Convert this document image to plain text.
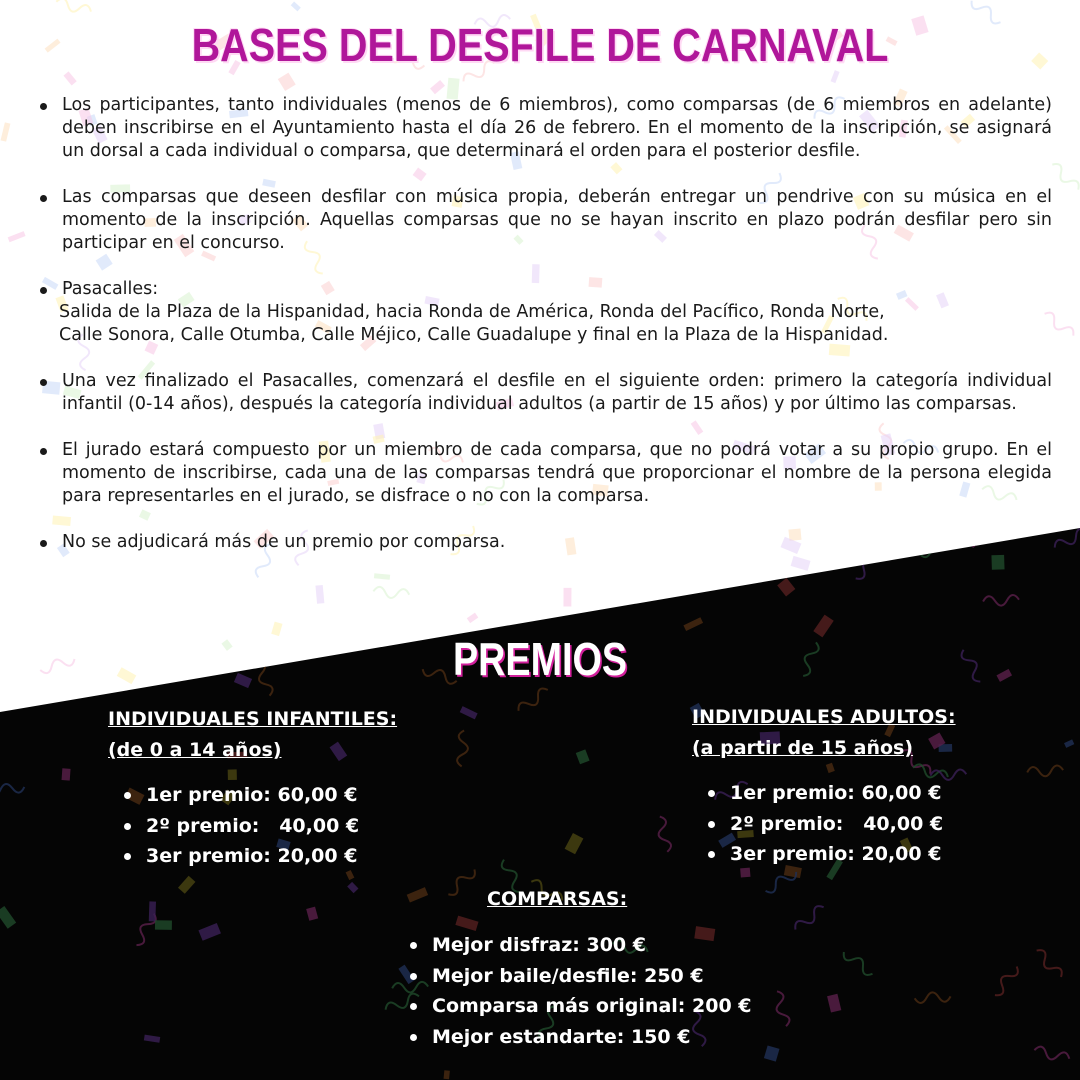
BASES DEL DESFILE DE CARNAVAL
Los participantes, tanto individuales (menos de 6 miembros), como comparsas (de 6 miembros en adelante) deben inscribirse en el Ayuntamiento hasta el día 26 de febrero. En el momento de la inscripción, se asignará un dorsal a cada individual o comparsa, que determinará el orden para el posterior desfile.
Las comparsas que deseen desfilar con música propia, deberán entregar un pendrive con su música en el momento de la inscripción. Aquellas comparsas que no se hayan inscrito en plazo podrán desfilar pero sin participar en el concurso.
Pasacalles:
Salida de la Plaza de la Hispanidad, hacia Ronda de América, Ronda del Pacífico, Ronda Norte,
Calle Sonora, Calle Otumba, Calle Méjico, Calle Guadalupe y final en la Plaza de la Hispanidad.
Una vez finalizado el Pasacalles, comenzará el desfile en el siguiente orden: primero la categoría individual infantil (0-14 años), después la categoría individual adultos (a partir de 15 años) y por último las comparsas.
El jurado estará compuesto por un miembro de cada comparsa, que no podrá votar a su propio grupo. En el momento de inscribirse, cada una de las comparsas tendrá que proporcionar el nombre de la persona elegida para representarles en el jurado, se disfrace o no con la comparsa.
No se adjudicará más de un premio por comparsa.
PREMIOS
INDIVIDUALES INFANTILES:
(de 0 a 14 años)
1er premio: 60,00 €
2º premio:   40,00 €
3er premio: 20,00 €
INDIVIDUALES ADULTOS:
(a partir de 15 años)
1er premio: 60,00 €
2º premio:   40,00 €
3er premio: 20,00 €
COMPARSAS:
Mejor disfraz: 300 €
Mejor baile/desfile: 250 €
Comparsa más original: 200 €
Mejor estandarte: 150 €
